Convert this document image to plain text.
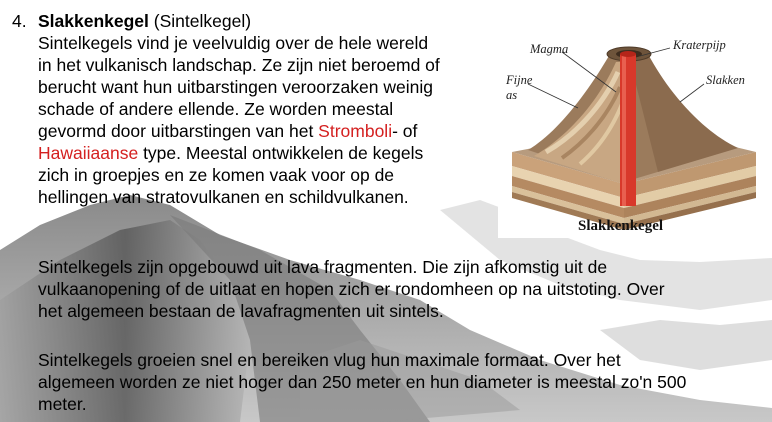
4. Slakkenkegel (Sintelkegel)
Sintelkegels vind je veelvuldig over de hele wereld
in het vulkanisch landschap. Ze zijn niet beroemd of
berucht want hun uitbarstingen veroorzaken weinig
schade of andere ellende. Ze worden meestal
gevormd door uitbarstingen van het Stromboli- of
Hawaiiaanse type. Meestal ontwikkelen de kegels
zich in groepjes en ze komen vaak voor op de
hellingen van stratovulkanen en schildvulkanen.
Sintelkegels zijn opgebouwd uit lava fragmenten. Die zijn afkomstig uit de
vulkaanopening of de uitlaat en hopen zich er rondomheen op na uitstoting. Over
het algemeen bestaan de lavafragmenten uit sintels.
Sintelkegels groeien snel en bereiken vlug hun maximale formaat. Over het
algemeen worden ze niet hoger dan 250 meter en hun diameter is meestal zo'n 500
meter.
Magma	Kraterpijp
Fijne
as
Slakken
Slakkenkegel
